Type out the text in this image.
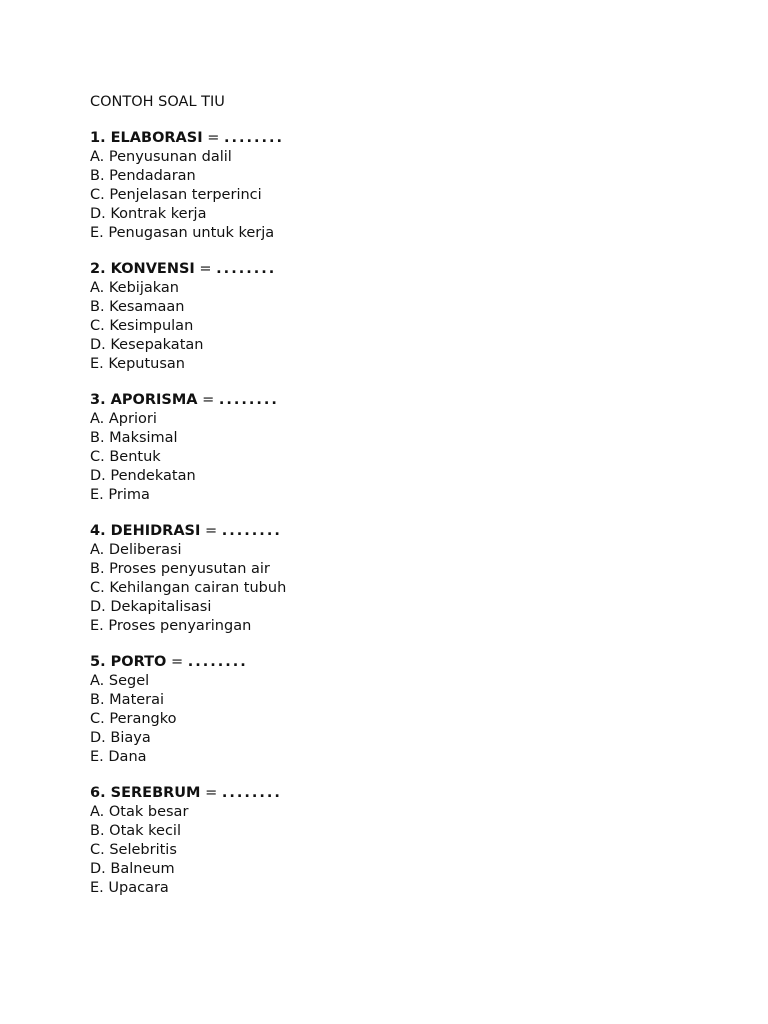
CONTOH SOAL TIU
1. ELABORASI = ........
A. Penyusunan dalil
B. Pendadaran
C. Penjelasan terperinci
D. Kontrak kerja
E. Penugasan untuk kerja
2. KONVENSI = ........
A. Kebijakan
B. Kesamaan
C. Kesimpulan
D. Kesepakatan
E. Keputusan
3. APORISMA = ........
A. Apriori
B. Maksimal
C. Bentuk
D. Pendekatan
E. Prima
4. DEHIDRASI = ........
A. Deliberasi
B. Proses penyusutan air
C. Kehilangan cairan tubuh
D. Dekapitalisasi
E. Proses penyaringan
5. PORTO = ........
A. Segel
B. Materai
C. Perangko
D. Biaya
E. Dana
6. SEREBRUM = ........
A. Otak besar
B. Otak kecil
C. Selebritis
D. Balneum
E. Upacara
